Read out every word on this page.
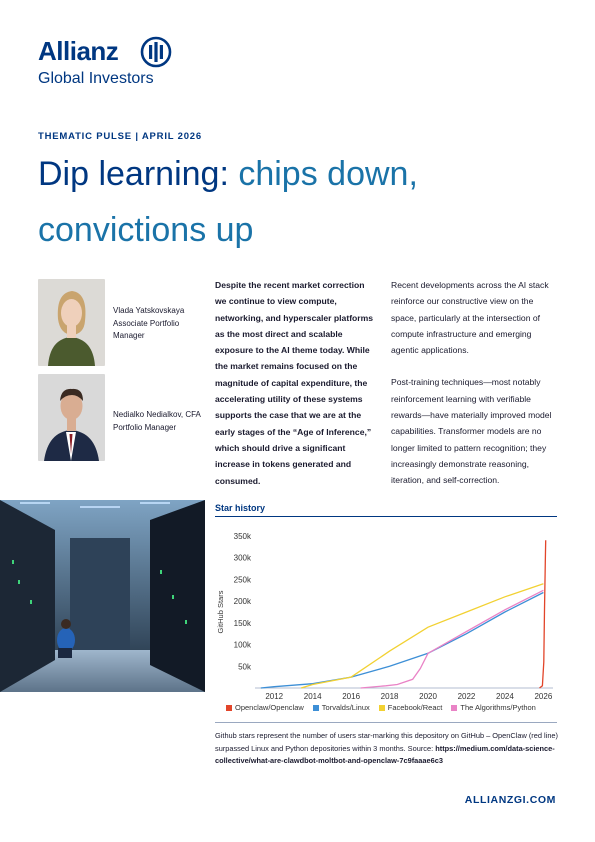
Allianz
Global Investors
THEMATIC PULSE | APRIL 2026
Dip learning: chips down, convictions up
Vlada Yatskovskaya
Associate Portfolio Manager
Nedialko Nedialkov, CFA
Portfolio Manager
Despite the recent market correction we continue to view compute, networking, and hyperscaler platforms as the most direct and scalable exposure to the AI theme today. While the market remains focused on the magnitude of capital expenditure, the accelerating utility of these systems supports the case that we are at the early stages of the “Age of Inference,” which should drive a significant increase in tokens generated and consumed.

Recent developments across the AI stack reinforce our constructive view on the space, particularly at the intersection of compute infrastructure and emerging agentic applications.

Post-training techniques—most notably reinforcement learning with verifiable rewards—have materially improved model capabilities. Transformer models are no longer limited to pattern recognition; they increasingly demonstrate reasoning, iteration, and self-correction.

Star history
2012	2014	2016	2018	2020	2022	2024	2026
50k
100k
150k
200k
250k
300k
350k
GitHub Stars
Openclaw/Openclaw	Torvalds/Linux	Facebook/React	The Algorithms/Python
Github stars represent the number of users star-marking this depository on GitHub – OpenClaw (red line) surpassed Linux and Python depositories within 3 months. Source: https://medium.com/data-science-collective/what-are-clawdbot-moltbot-and-openclaw-7c9faaae6c3
ALLIANZGI.COM
